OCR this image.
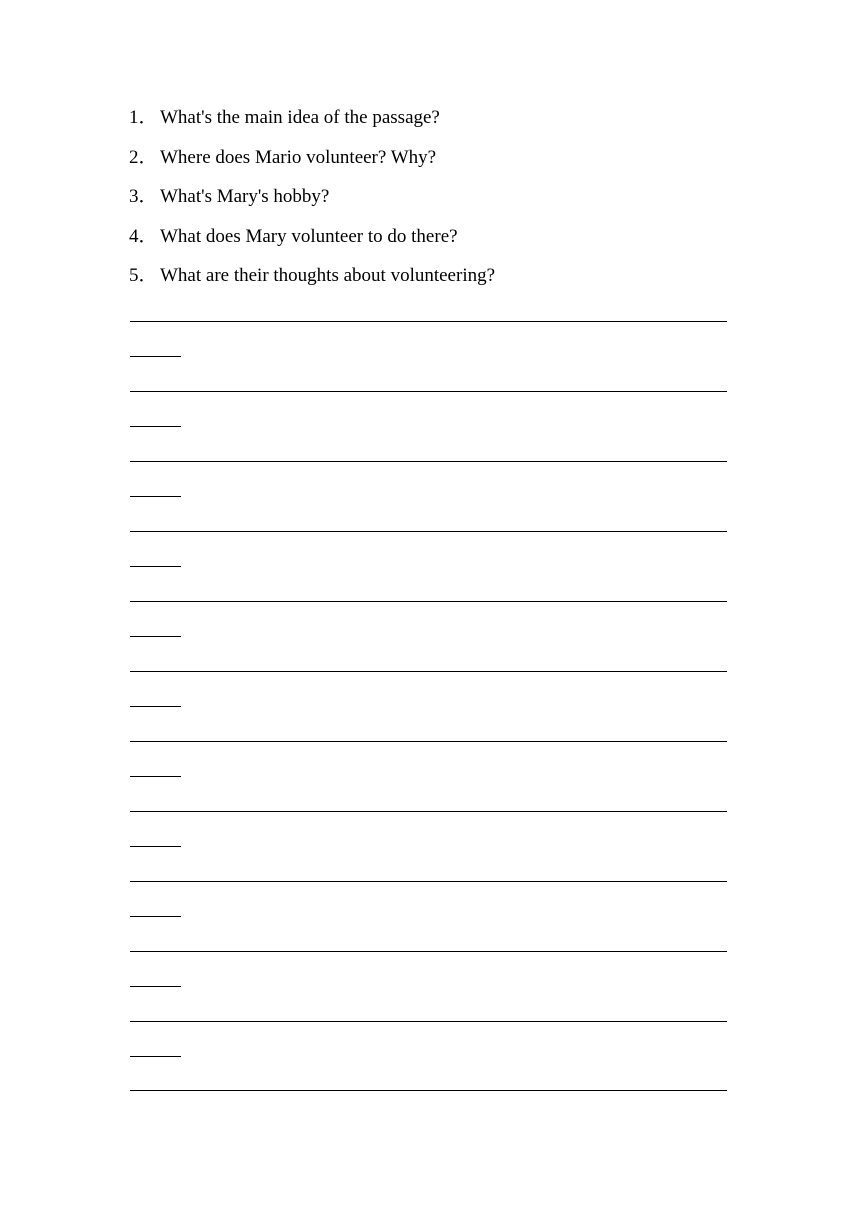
1． What's the main idea of the passage?
2． Where does Mario volunteer? Why?
3． What's Mary's hobby?
4． What does Mary volunteer to do there?
5． What are their thoughts about volunteering?
